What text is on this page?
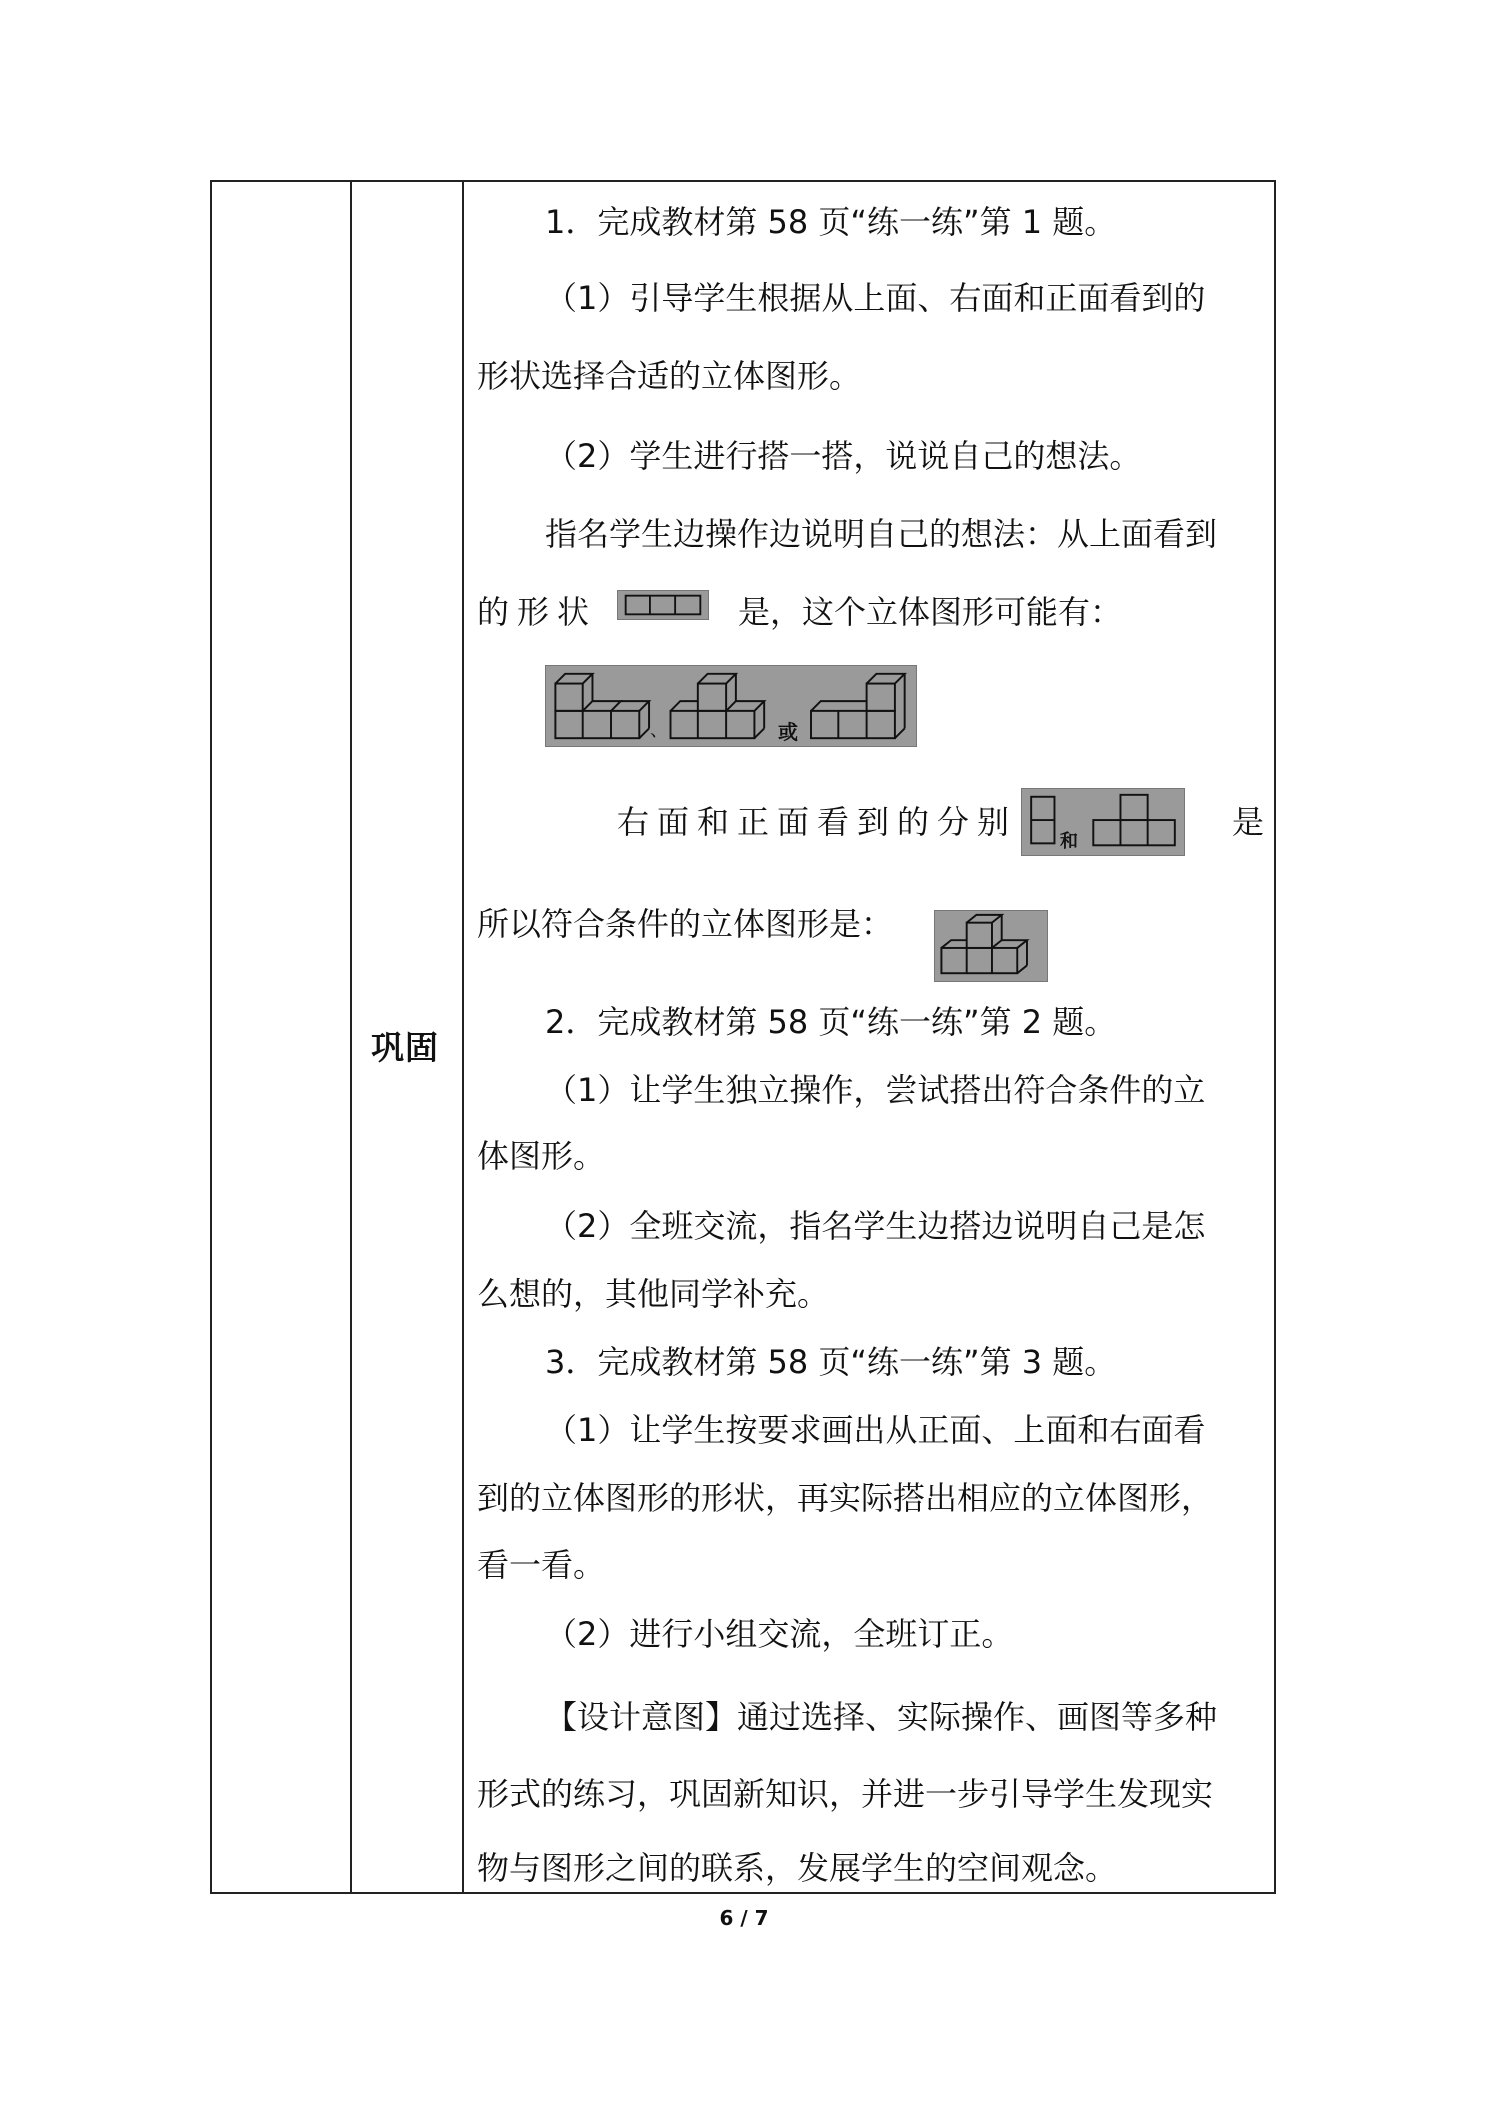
巩固
1．完成教材第 58 页“练一练”第 1 题。
（1）引导学生根据从上面、右面和正面看到的
形状选择合适的立体图形。
（2）学生进行搭一搭，说说自己的想法。
指名学生边操作边说明自己的想法：从上面看到
的形状	是，这个立体图形可能有：
、	或
右面和正面看到的分别
和
是
所以符合条件的立体图形是：
2．完成教材第 58 页“练一练”第 2 题。
（1）让学生独立操作，尝试搭出符合条件的立
体图形。
（2）全班交流，指名学生边搭边说明自己是怎
么想的，其他同学补充。
3．完成教材第 58 页“练一练”第 3 题。
（1）让学生按要求画出从正面、上面和右面看
到的立体图形的形状，再实际搭出相应的立体图形，
看一看。
（2）进行小组交流，全班订正。
【设计意图】通过选择、实际操作、画图等多种
形式的练习，巩固新知识，并进一步引导学生发现实
物与图形之间的联系，发展学生的空间观念。
6 / 7
